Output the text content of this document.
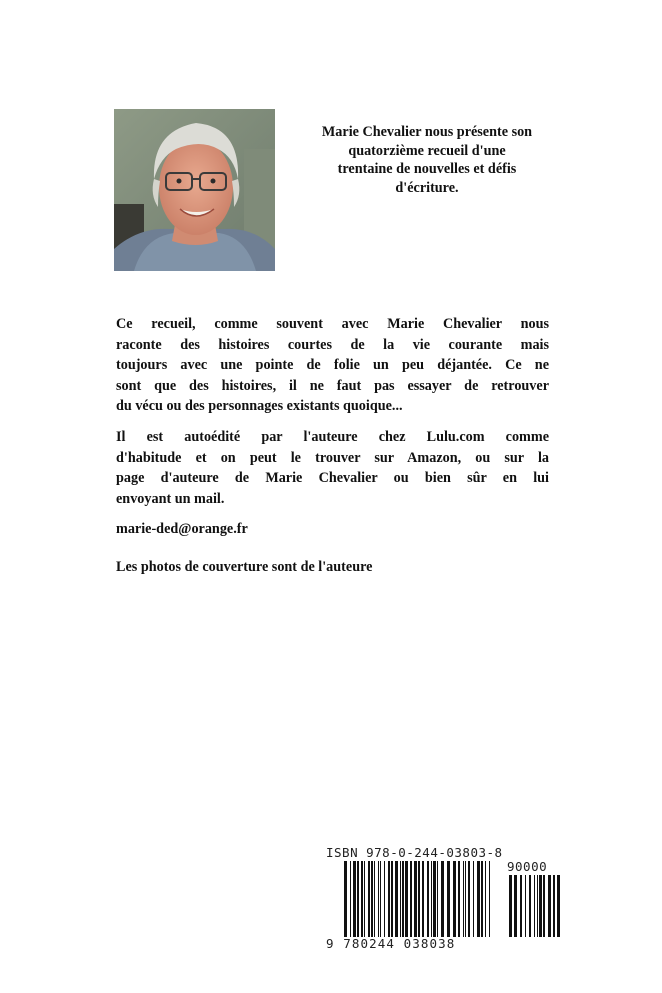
Marie Chevalier nous présente son
quatorzième recueil d'une
trentaine de nouvelles et défis
d'écriture.
Ce recueil, comme souvent avec Marie Chevalier nous
raconte des histoires courtes de la vie courante mais
toujours avec une pointe de folie un peu déjantée. Ce ne
sont que des histoires, il ne faut pas essayer de retrouver
du vécu ou des personnages existants quoique...
Il est autoédité par l'auteure chez Lulu.com comme
d'habitude et on peut le trouver sur Amazon, ou sur la
page d'auteure de Marie Chevalier ou bien sûr en lui
envoyant un mail.
marie-ded@orange.fr
Les photos de couverture sont de l'auteure
ISBN 978-0-244-03803-8
90000
9 780244 038038
